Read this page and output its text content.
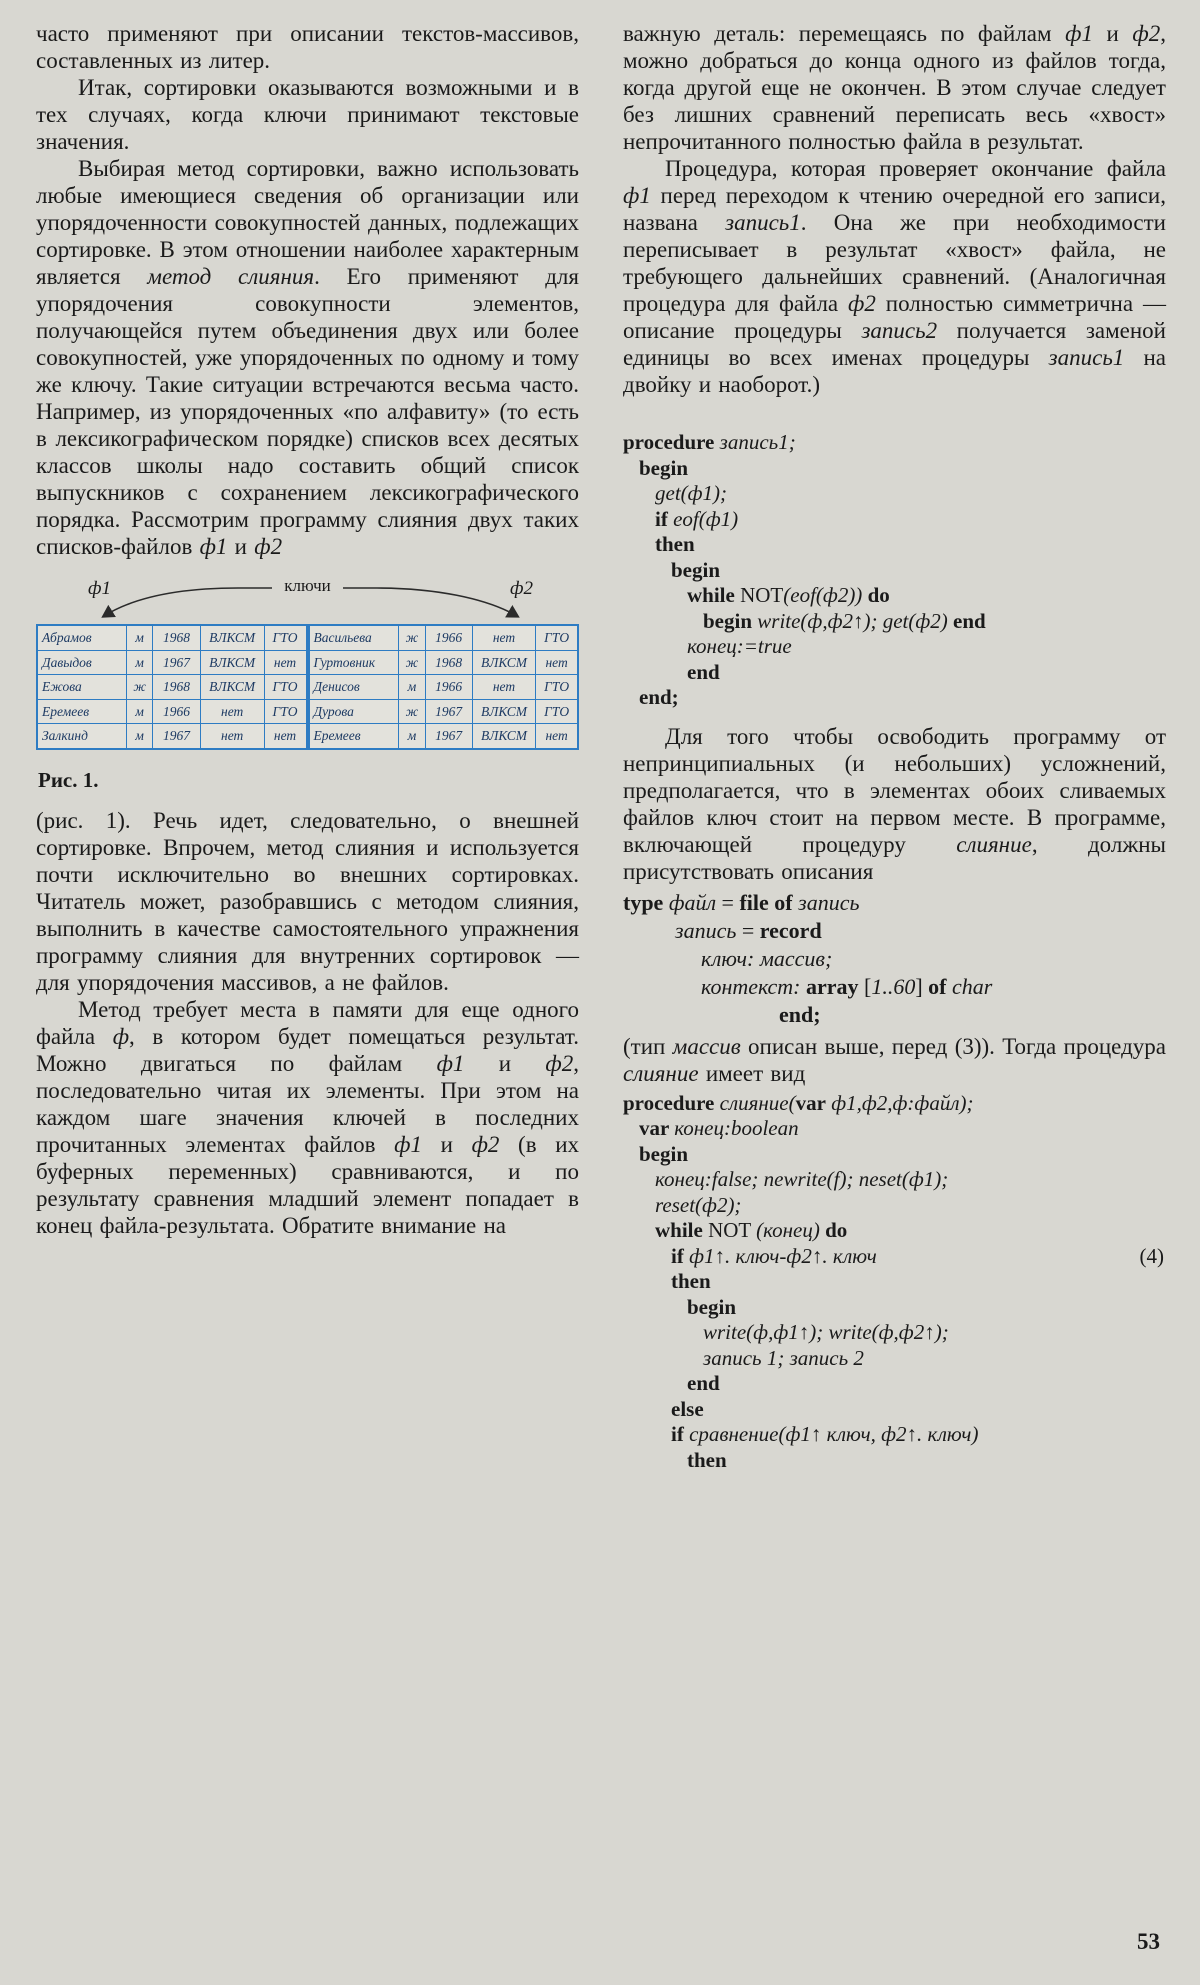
часто применяют при описании текстов-массивов, составленных из литер.

Итак, сортировки оказываются возможными и в тех случаях, когда ключи принимают текстовые значения.

Выбирая метод сортировки, важно использовать любые имеющиеся сведения об организации или упорядоченности совокупностей данных, подлежащих сортировке. В этом отношении наиболее характерным является метод слияния. Его применяют для упорядочения совокупности элементов, получающейся путем объединения двух или более совокупностей, уже упорядоченных по одному и тому же ключу. Такие ситуации встречаются весьма часто. Например, из упорядоченных «по алфавиту» (то есть в лексикографическом порядке) списков всех десятых классов школы надо составить общий список выпускников с сохранением лексикографического порядка. Рассмотрим программу слияния двух таких списков-файлов ф1 и ф2

ф1	ключи	ф2
Абрамов	м	1968	ВЛКСМ	ГТО
Давыдов	м	1967	ВЛКСМ	нет
Ежова	ж	1968	ВЛКСМ	ГТО
Еремеев	м	1966	нет	ГТО
Залкинд	м	1967	нет	нет
Васильева	ж	1966	нет	ГТО
Гуртовник	ж	1968	ВЛКСМ	нет
Денисов	м	1966	нет	ГТО
Дурова	ж	1967	ВЛКСМ	ГТО
Еремеев	м	1967	ВЛКСМ	нет

Рис. 1.

(рис. 1). Речь идет, следовательно, о внешней сортировке. Впрочем, метод слияния и используется почти исключительно во внешних сортировках. Читатель может, разобравшись с методом слияния, выполнить в качестве самостоятельного упражнения программу слияния для внутренних сортировок — для упорядочения массивов, а не файлов.

Метод требует места в памяти для еще одного файла ф, в котором будет помещаться результат. Можно двигаться по файлам ф1 и ф2, последовательно читая их элементы. При этом на каждом шаге значения ключей в последних прочитанных элементах файлов ф1 и ф2 (в их буферных переменных) сравниваются, и по результату сравнения младший элемент попадает в конец файла-результата. Обратите внимание на

важную деталь: перемещаясь по файлам ф1 и ф2, можно добраться до конца одного из файлов тогда, когда другой еще не окончен. В этом случае следует без лишних сравнений переписать весь «хвост» непрочитанного полностью файла в результат.

Процедура, которая проверяет окончание файла ф1 перед переходом к чтению очередной его записи, названа запись1. Она же при необходимости переписывает в результат «хвост» файла, не требующего дальнейших сравнений. (Аналогичная процедура для файла ф2 полностью симметрична — описание процедуры запись2 получается заменой единицы во всех именах процедуры запись1 на двойку и наоборот.)

procedure запись1;
begin
get(ф1);
if eof(ф1)
then
begin
while NOT(eof(ф2)) do
begin write(ф,ф2↑); get(ф2) end
конец:=true
end
end;

Для того чтобы освободить программу от непринципиальных (и небольших) усложнений, предполагается, что в элементах обоих сливаемых файлов ключ стоит на первом месте. В программе, включающей процедуру слияние, должны присутствовать описания

type файл = file of запись
запись = record
ключ: массив;
контекст: array [1..60] of char
end;

(тип массив описан выше, перед (3)). Тогда процедура слияние имеет вид

procedure слияние(var ф1,ф2,ф:файл);
var конец:boolean
begin
конец:false; newrite(f); neset(ф1);
reset(ф2);
while NOT (конец) do
if ф1↑. ключ-ф2↑. ключ	(4)
then
begin
write(ф,ф1↑); write(ф,ф2↑);
запись 1; запись 2
end
else
if сравнение(ф1↑ ключ, ф2↑. ключ)
then
53
